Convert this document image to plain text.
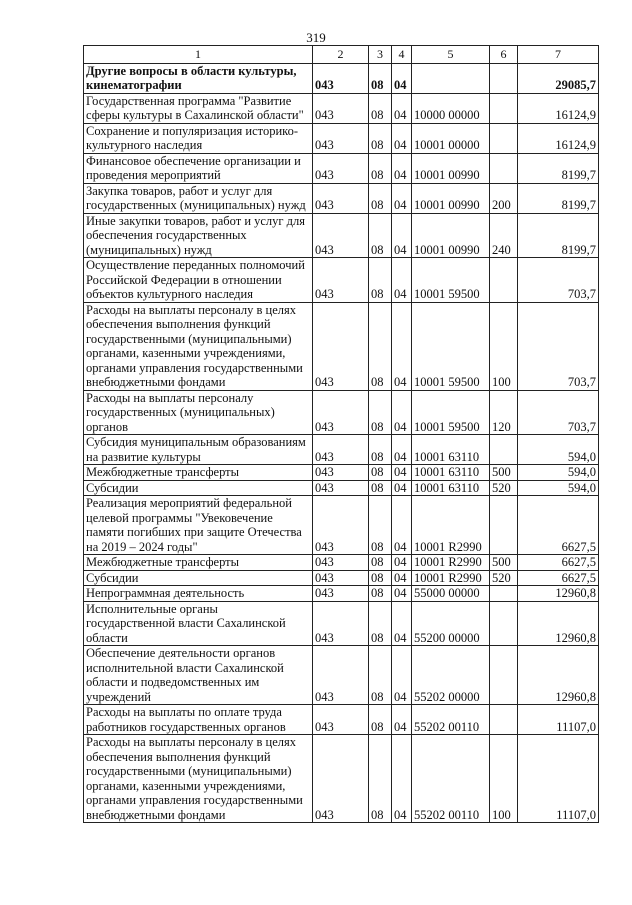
319
1	2	3	4	5	6	7
Другие вопросы в области культуры, кинематографии	043	08	04			29085,7
Государственная программа "Развитие сферы культуры в Сахалинской области"	043	08	04	10000 00000		16124,9
Сохранение и популяризация историко-культурного наследия	043	08	04	10001 00000		16124,9
Финансовое обеспечение организации и проведения мероприятий	043	08	04	10001 00990		8199,7
Закупка товаров, работ и услуг для государственных (муниципальных) нужд	043	08	04	10001 00990	200	8199,7
Иные закупки товаров, работ и услуг для обеспечения государственных (муниципальных) нужд	043	08	04	10001 00990	240	8199,7
Осуществление переданных полномочий Российской Федерации в отношении объектов культурного наследия	043	08	04	10001 59500		703,7
Расходы на выплаты персоналу в целях обеспечения выполнения функций государственными (муниципальными) органами, казенными учреждениями, органами управления государственными внебюджетными фондами	043	08	04	10001 59500	100	703,7
Расходы на выплаты персоналу государственных (муниципальных) органов	043	08	04	10001 59500	120	703,7
Субсидия муниципальным образованиям на развитие культуры	043	08	04	10001 63110		594,0
Межбюджетные трансферты	043	08	04	10001 63110	500	594,0
Субсидии	043	08	04	10001 63110	520	594,0
Реализация мероприятий федеральной целевой программы "Увековечение памяти погибших при защите Отечества на 2019 – 2024 годы"	043	08	04	10001 R2990		6627,5
Межбюджетные трансферты	043	08	04	10001 R2990	500	6627,5
Субсидии	043	08	04	10001 R2990	520	6627,5
Непрограммная деятельность	043	08	04	55000 00000		12960,8
Исполнительные органы государственной власти Сахалинской области	043	08	04	55200 00000		12960,8
Обеспечение деятельности органов исполнительной власти Сахалинской области и подведомственных им учреждений	043	08	04	55202 00000		12960,8
Расходы на выплаты по оплате труда работников государственных органов	043	08	04	55202 00110		11107,0
Расходы на выплаты персоналу в целях обеспечения выполнения функций государственными (муниципальными) органами, казенными учреждениями, органами управления государственными внебюджетными фондами	043	08	04	55202 00110	100	11107,0
